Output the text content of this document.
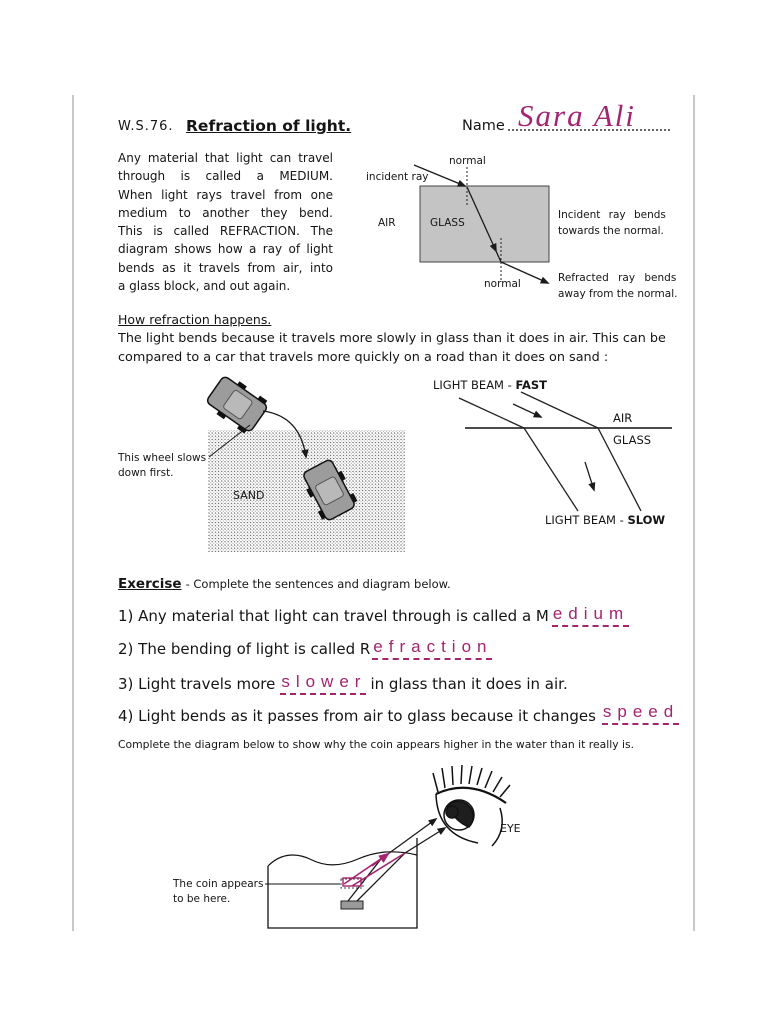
W.S.76. Refraction of light.	Name Sara Ali
Any material that light can travel
through is called a MEDIUM.
When light rays travel from one
medium to another they bend.
This is called REFRACTION. The
diagram shows how a ray of light
bends as it travels from air, into
a glass block, and out again.
How refraction happens.
The light bends because it travels more slowly in glass than it does in air. This can be
compared to a car that travels more quickly on a road than it does on sand :
Exercise - Complete the sentences and diagram below.
1) Any material that light can travel through is called a M edium
2) The bending of light is called R efraction
3) Light travels more slower in glass than it does in air.
4) Light bends as it passes from air to glass because it changes speed
Complete the diagram below to show why the coin appears higher in the water than it really is.
normal
incident ray
AIR	GLASS
Incident ray bends
towards the normal.
normal	Refracted ray bends
away from the normal.
This wheel slows
down first.
SAND
LIGHT BEAM - FAST
AIR
GLASS
LIGHT BEAM - SLOW
EYE
The coin appears
to be here.
